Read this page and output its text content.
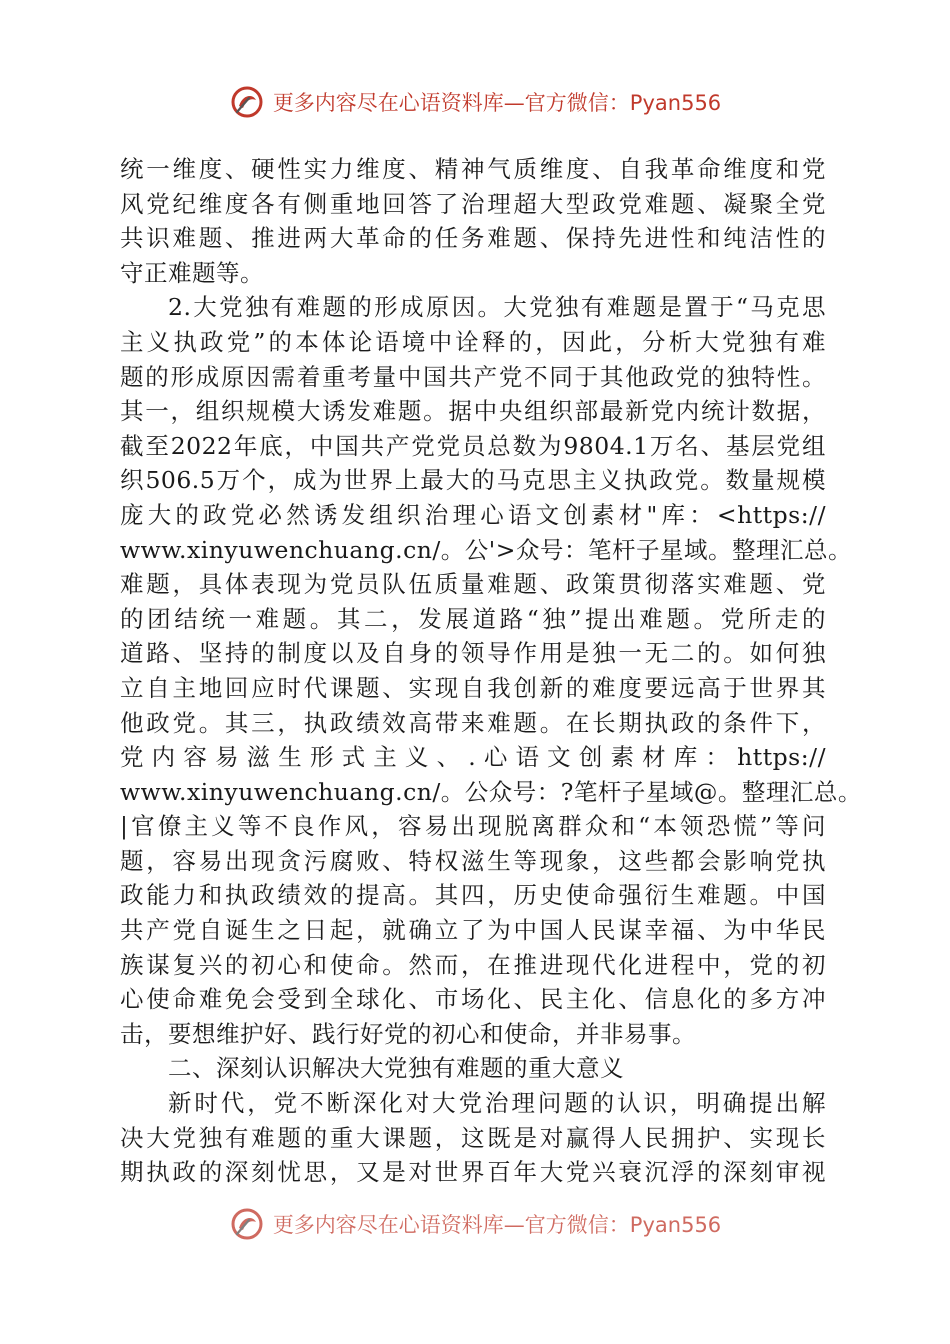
更多内容尽在心语资料库—官方微信：Pyan556
统一维度、硬性实力维度、精神气质维度、自我革命维度和党
风党纪维度各有侧重地回答了治理超大型政党难题、凝聚全党
共识难题、推进两大革命的任务难题、保持先进性和纯洁性的
守正难题等。
2.大党独有难题的形成原因。大党独有难题是置于“马克思
主义执政党”的本体论语境中诠释的，因此，分析大党独有难
题的形成原因需着重考量中国共产党不同于其他政党的独特性。
其一，组织规模大诱发难题。据中央组织部最新党内统计数据，
截至2022年底，中国共产党党员总数为9804.1万名、基层党组
织506.5万个，成为世界上最大的马克思主义执政党。数量规模
庞大的政党必然诱发组织治理心语文创素材"库：<https://
www.xinyuwenchuang.cn/。公'>众号：笔杆子星域。整理汇总。
难题，具体表现为党员队伍质量难题、政策贯彻落实难题、党
的团结统一难题。其二，发展道路“独”提出难题。党所走的
道路、坚持的制度以及自身的领导作用是独一无二的。如何独
立自主地回应时代课题、实现自我创新的难度要远高于世界其
他政党。其三，执政绩效高带来难题。在长期执政的条件下，
党内容易滋生形式主义、.心语文创素材库：https://
www.xinyuwenchuang.cn/。公众号：?笔杆子星域@。整理汇总。
|官僚主义等不良作风，容易出现脱离群众和“本领恐慌”等问
题，容易出现贪污腐败、特权滋生等现象，这些都会影响党执
政能力和执政绩效的提高。其四，历史使命强衍生难题。中国
共产党自诞生之日起，就确立了为中国人民谋幸福、为中华民
族谋复兴的初心和使命。然而，在推进现代化进程中，党的初
心使命难免会受到全球化、市场化、民主化、信息化的多方冲
击，要想维护好、践行好党的初心和使命，并非易事。
二、深刻认识解决大党独有难题的重大意义
新时代，党不断深化对大党治理问题的认识，明确提出解
决大党独有难题的重大课题，这既是对赢得人民拥护、实现长
期执政的深刻忧思，又是对世界百年大党兴衰沉浮的深刻审视
更多内容尽在心语资料库—官方微信：Pyan556
